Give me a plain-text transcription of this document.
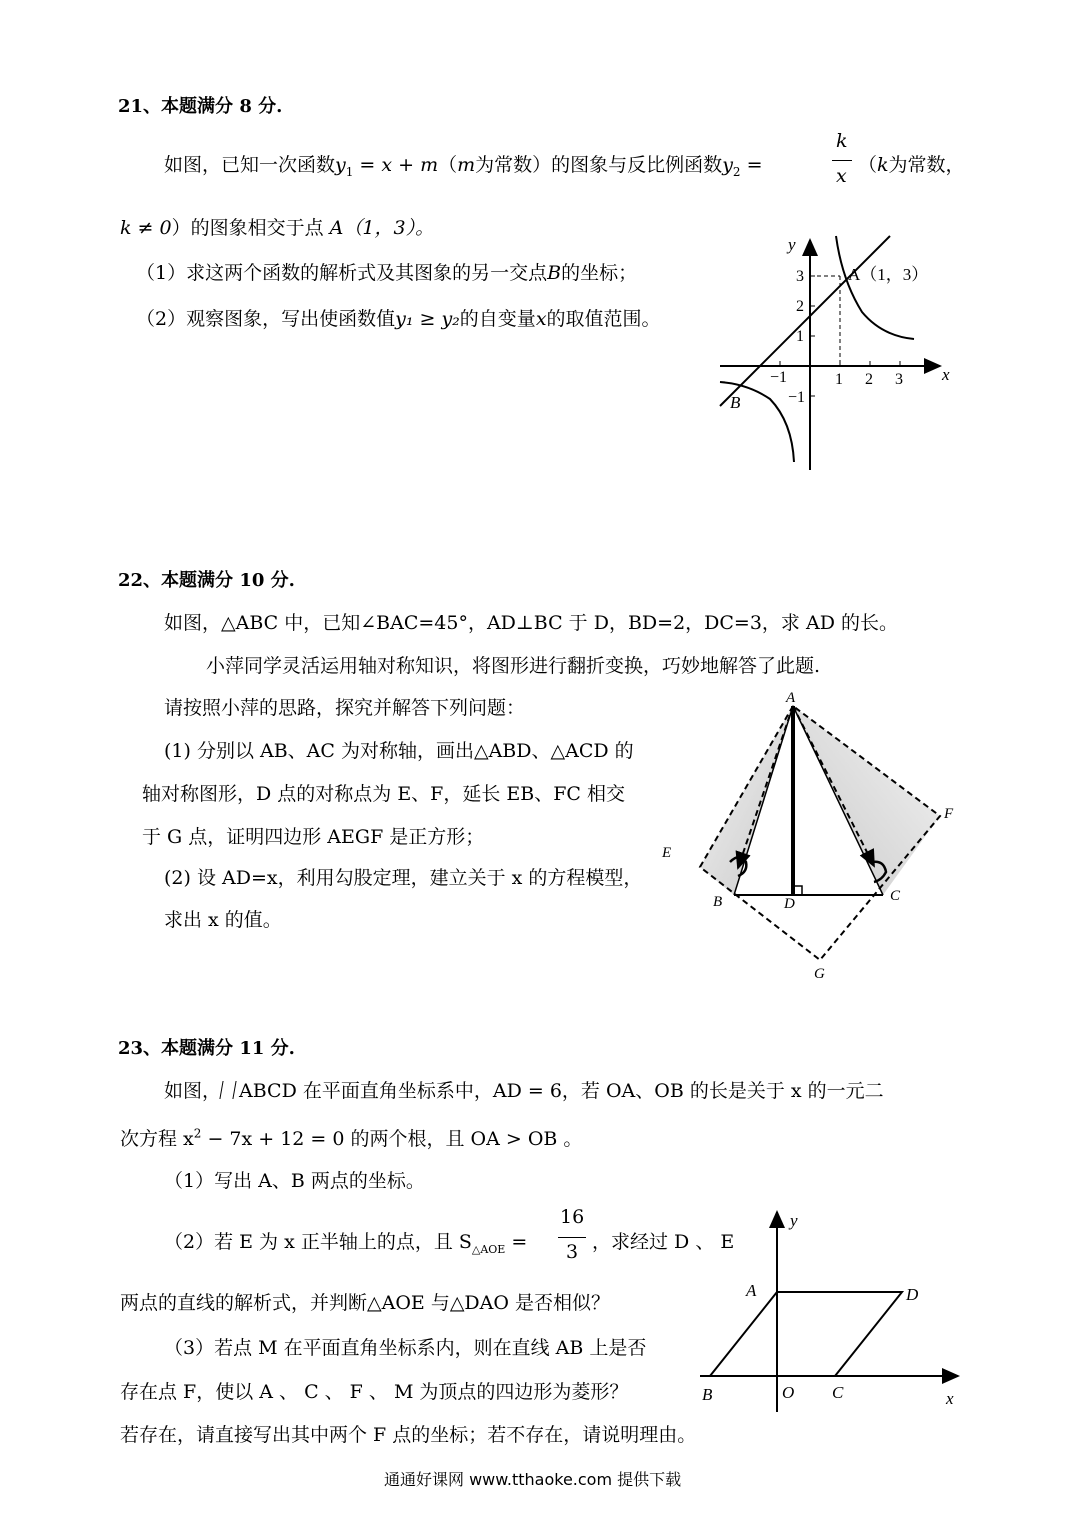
21、本题满分 8 分.
如图，已知一次函数$y_1 = x + m(m$为常数）的图象与反比例函数$y_2$ =
k
x （k为常数，
k ≠ 0）的图象相交于点 A（1，3）。
（1）求这两个函数的解析式及其图象的另一交点B的坐标；
（2）观察图象，写出使函数值y₁ ≥ y₂的自变量x的取值范围。
y
x
A（1，3）
B
3
2
1
−1
−1	1 2 3
22、本题满分 10 分.
如图，△ABC 中，已知∠BAC=45°，AD⊥BC 于 D，BD=2，DC=3，求 AD 的长。
小萍同学灵活运用轴对称知识，将图形进行翻折变换，巧妙地解答了此题.
请按照小萍的思路，探究并解答下列问题：
(1) 分别以 AB、AC 为对称轴，画出△ABD、△ACD 的
轴对称图形，D 点的对称点为 E、F，延长 EB、FC 相交
于 G 点，证明四边形 AEGF 是正方形；
(2) 设 AD=x，利用勾股定理，建立关于 x 的方程模型，
求出 x 的值。
A
B	D	C
E
F
G
23、本题满分 11 分.
如图， ABCD 在平面直角坐标系中，AD = 6，若 OA、OB 的长是关于 x 的一元二
次方程 $x^2 - 7x + 12 = 0$ 的两个根，且 OA > OB 。
（1）写出 A、B 两点的坐标。
（2）若 E 为 x 正半轴上的点，且 $S_{\triangle AOE}$ =
16
3 ，求经过 D 、 E
两点的直线的解析式，并判断△AOE 与△DAO 是否相似？
（3）若点 M 在平面直角坐标系内，则在直线 AB 上是否
存在点 F，使以 A 、 C 、 F 、 M 为顶点的四边形为菱形？
若存在，请直接写出其中两个 F 点的坐标；若不存在，请说明理由。
y
x
A	D
B	O C
通通好课网 www.tthaoke.com 提供下载
